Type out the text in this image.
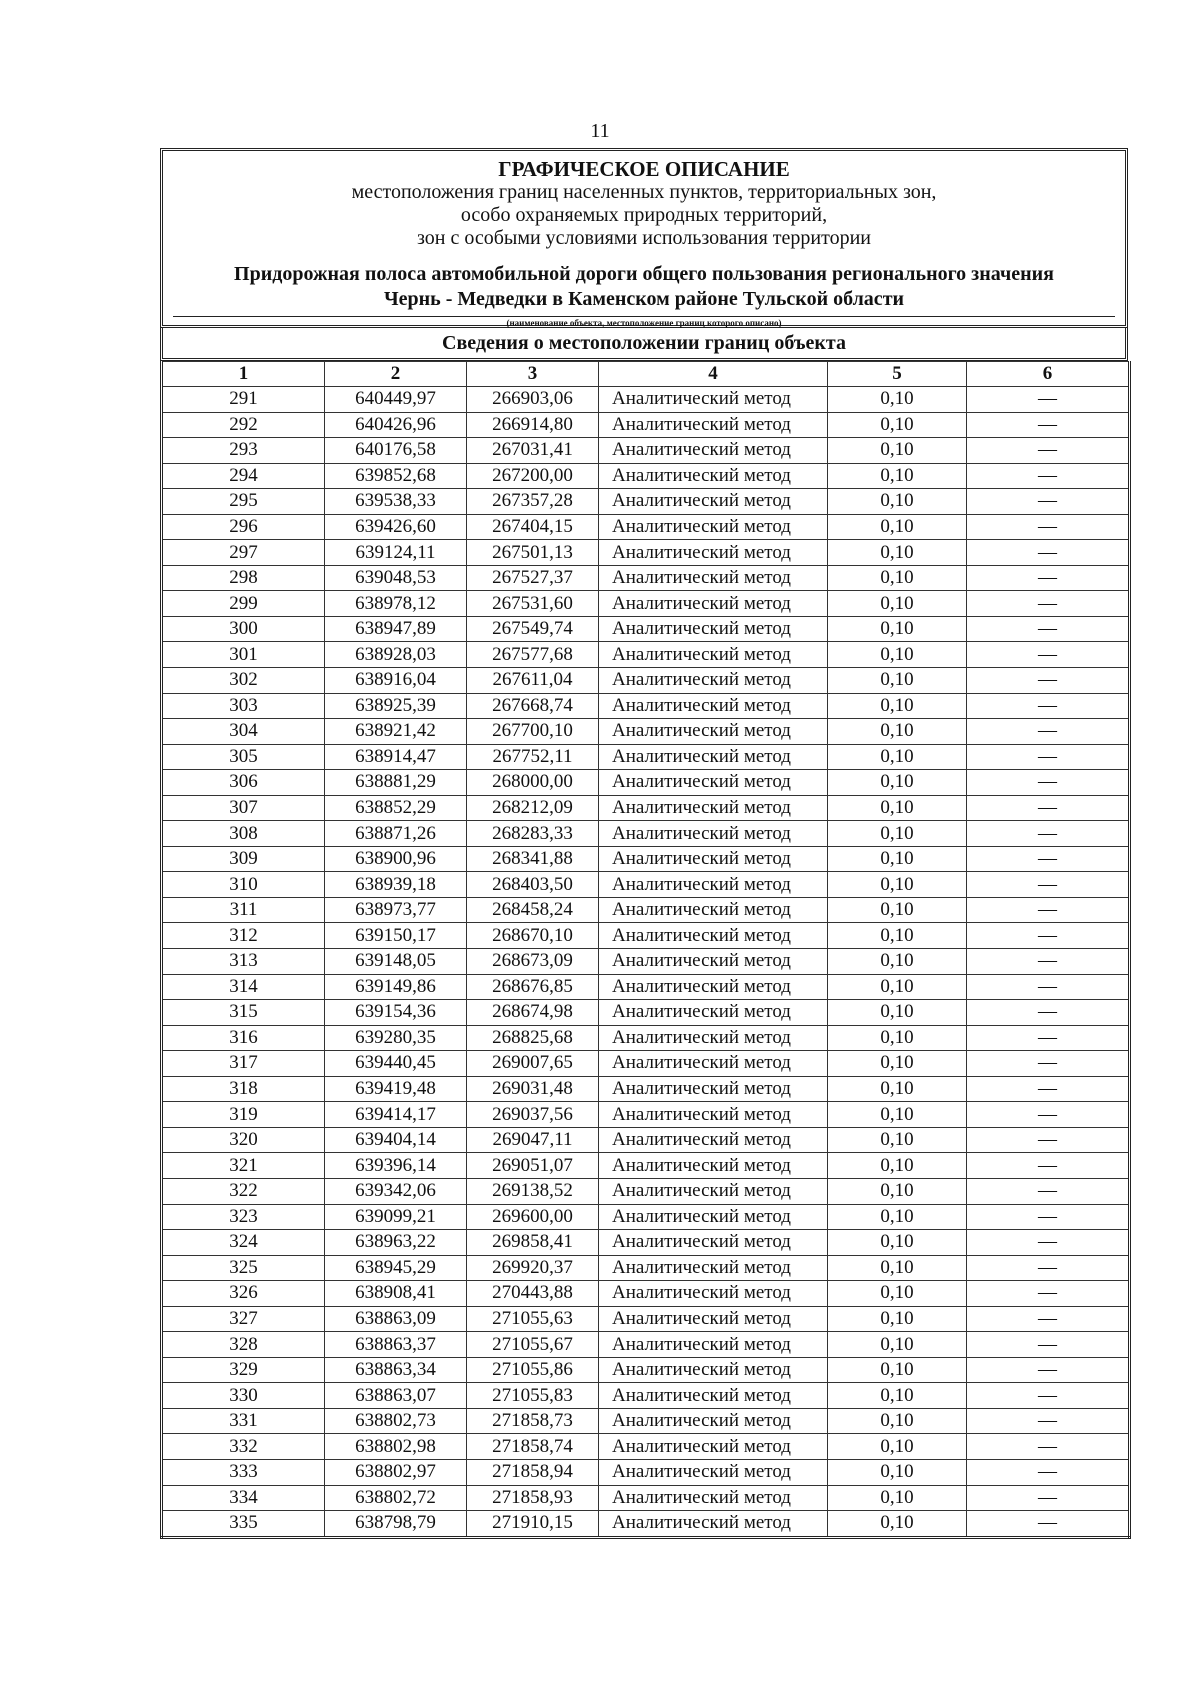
11
ГРАФИЧЕСКОЕ ОПИСАНИЕ
местоположения границ населенных пунктов, территориальных зон,
особо охраняемых природных территорий,
зон с особыми условиями использования территории
Придорожная полоса автомобильной дороги общего пользования регионального значения
Чернь - Медведки в Каменском районе Тульской области
(наименование объекта, местоположение границ которого описано)
Сведения о местоположении границ объекта
1	2	3	4	5	6
291	640449,97	266903,06	Аналитический метод	0,10	—
292	640426,96	266914,80	Аналитический метод	0,10	—
293	640176,58	267031,41	Аналитический метод	0,10	—
294	639852,68	267200,00	Аналитический метод	0,10	—
295	639538,33	267357,28	Аналитический метод	0,10	—
296	639426,60	267404,15	Аналитический метод	0,10	—
297	639124,11	267501,13	Аналитический метод	0,10	—
298	639048,53	267527,37	Аналитический метод	0,10	—
299	638978,12	267531,60	Аналитический метод	0,10	—
300	638947,89	267549,74	Аналитический метод	0,10	—
301	638928,03	267577,68	Аналитический метод	0,10	—
302	638916,04	267611,04	Аналитический метод	0,10	—
303	638925,39	267668,74	Аналитический метод	0,10	—
304	638921,42	267700,10	Аналитический метод	0,10	—
305	638914,47	267752,11	Аналитический метод	0,10	—
306	638881,29	268000,00	Аналитический метод	0,10	—
307	638852,29	268212,09	Аналитический метод	0,10	—
308	638871,26	268283,33	Аналитический метод	0,10	—
309	638900,96	268341,88	Аналитический метод	0,10	—
310	638939,18	268403,50	Аналитический метод	0,10	—
311	638973,77	268458,24	Аналитический метод	0,10	—
312	639150,17	268670,10	Аналитический метод	0,10	—
313	639148,05	268673,09	Аналитический метод	0,10	—
314	639149,86	268676,85	Аналитический метод	0,10	—
315	639154,36	268674,98	Аналитический метод	0,10	—
316	639280,35	268825,68	Аналитический метод	0,10	—
317	639440,45	269007,65	Аналитический метод	0,10	—
318	639419,48	269031,48	Аналитический метод	0,10	—
319	639414,17	269037,56	Аналитический метод	0,10	—
320	639404,14	269047,11	Аналитический метод	0,10	—
321	639396,14	269051,07	Аналитический метод	0,10	—
322	639342,06	269138,52	Аналитический метод	0,10	—
323	639099,21	269600,00	Аналитический метод	0,10	—
324	638963,22	269858,41	Аналитический метод	0,10	—
325	638945,29	269920,37	Аналитический метод	0,10	—
326	638908,41	270443,88	Аналитический метод	0,10	—
327	638863,09	271055,63	Аналитический метод	0,10	—
328	638863,37	271055,67	Аналитический метод	0,10	—
329	638863,34	271055,86	Аналитический метод	0,10	—
330	638863,07	271055,83	Аналитический метод	0,10	—
331	638802,73	271858,73	Аналитический метод	0,10	—
332	638802,98	271858,74	Аналитический метод	0,10	—
333	638802,97	271858,94	Аналитический метод	0,10	—
334	638802,72	271858,93	Аналитический метод	0,10	—
335	638798,79	271910,15	Аналитический метод	0,10	—
